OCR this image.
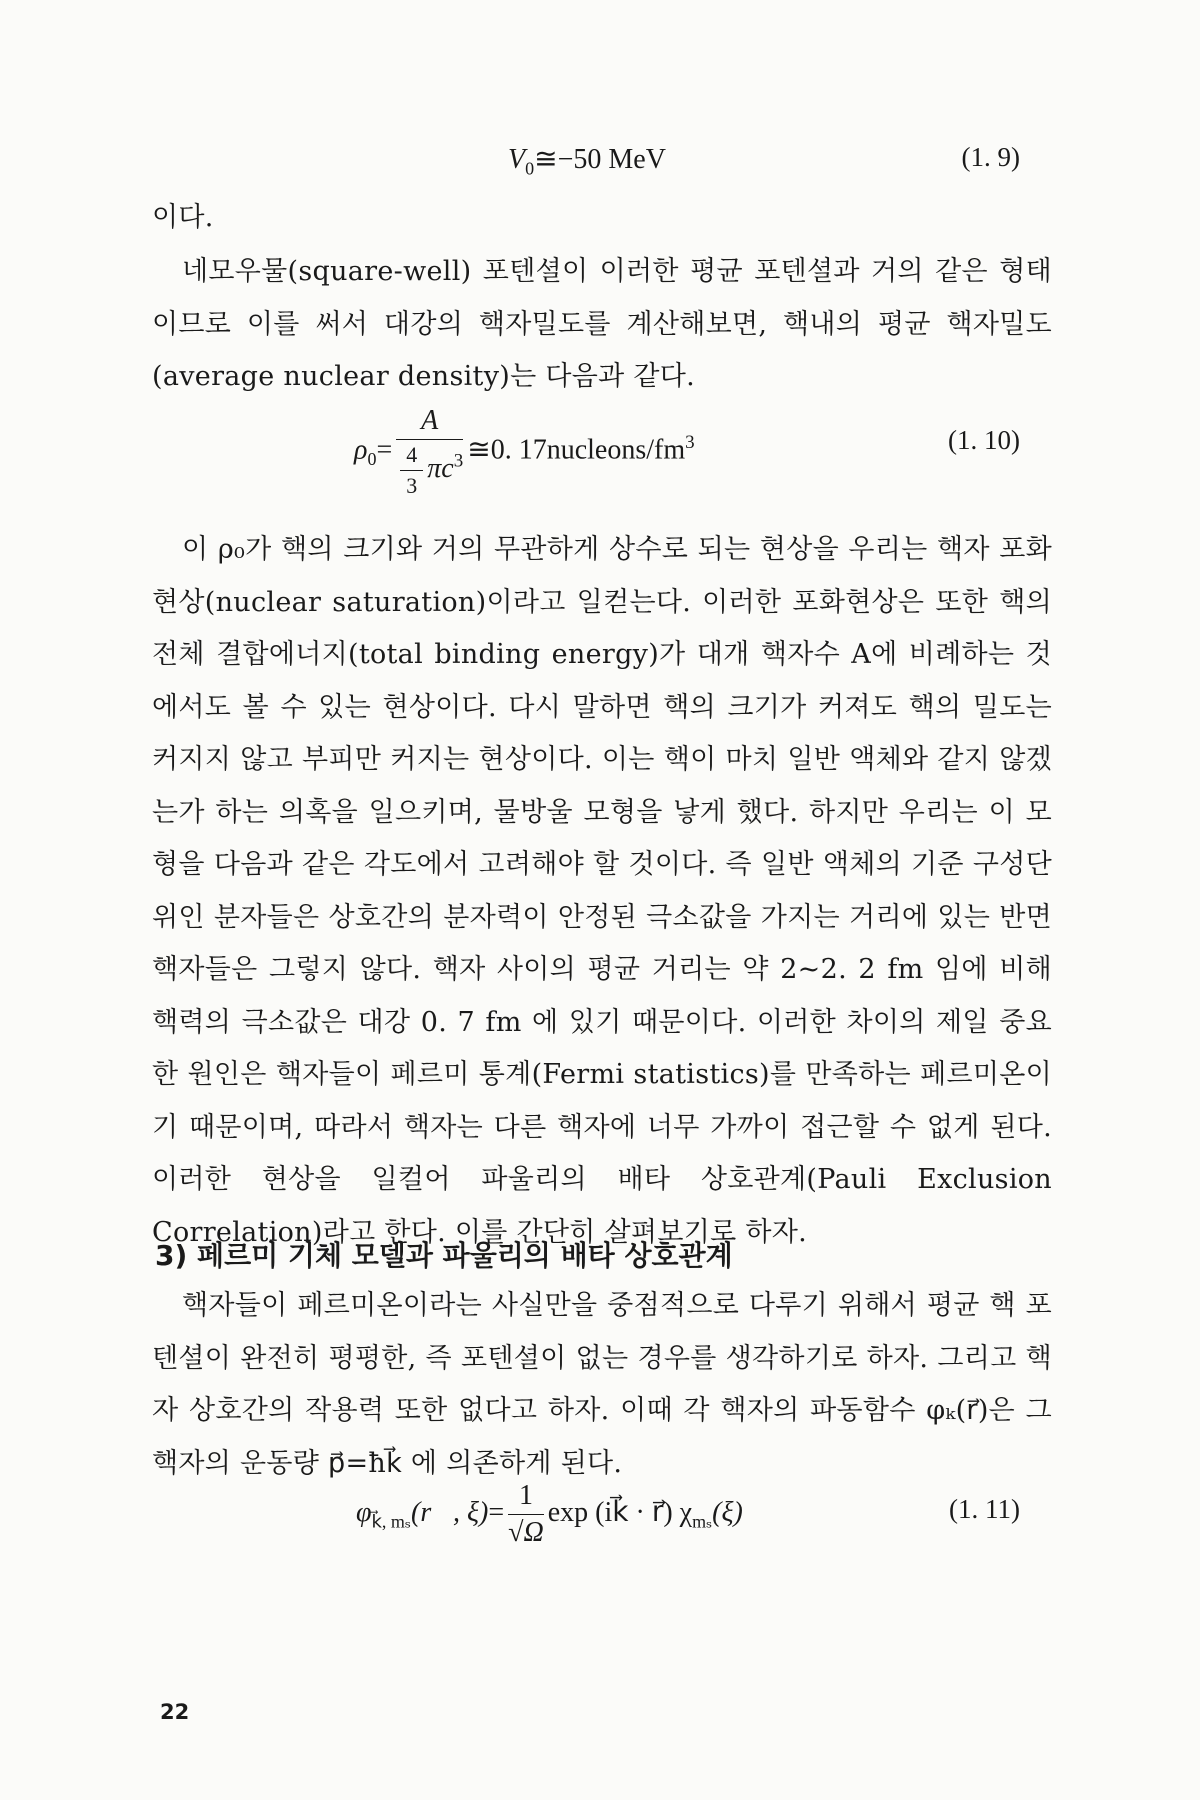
$V_0≅-50$ MeV	(1. 9)

이다.

네모우물(square-well) 포텐셜이 이러한 평균 포텐셜과 거의 같은 형태이므로 이를 써서 대강의 핵자밀도를 계산해보면, 핵내의 평균 핵자밀도(average nuclear density)는 다음과 같다.

$\rho_0= \frac{A}{\frac{4}{3} \pi c^3}$ ≅0. $17nucleons/fm^3$	(1. 10)

이 ρ₀가 핵의 크기와 거의 무관하게 상수로 되는 현상을 우리는 핵자 포화현상(nuclear saturation)이라고 일컫는다. 이러한 포화현상은 또한 핵의 전체 결합에너지(total binding energy)가 대개 핵자수 A에 비례하는 것에서도 볼 수 있는 현상이다. 다시 말하면 핵의 크기가 커져도 핵의 밀도는 커지지 않고 부피만 커지는 현상이다. 이는 핵이 마치 일반 액체와 같지 않겠는가 하는 의혹을 일으키며, 물방울 모형을 낳게 했다. 하지만 우리는 이 모형을 다음과 같은 각도에서 고려해야 할 것이다. 즉 일반 액체의 기준 구성단위인 분자들은 상호간의 분자력이 안정된 극소값을 가지는 거리에 있는 반면 핵자들은 그렇지 않다. 핵자 사이의 평균 거리는 약 2~2. 2 fm 임에 비해 핵력의 극소값은 대강 0. 7 fm 에 있기 때문이다. 이러한 차이의 제일 중요한 원인은 핵자들이 페르미 통계(Fermi statistics)를 만족하는 페르미온이기 때문이며, 따라서 핵자는 다른 핵자에 너무 가까이 접근할 수 없게 된다. 이러한 현상을 일컬어 파울리의 배타 상호관계(Pauli Exclusion Correlation)라고 한다. 이를 간단히 살펴보기로 하자.

3) 페르미 기체 모델과 파울리의 배타 상호관계

핵자들이 페르미온이라는 사실만을 중점적으로 다루기 위해서 평균 핵 포텐셜이 완전히 평평한, 즉 포텐셜이 없는 경우를 생각하기로 하자. 그리고 핵자 상호간의 작용력 또한 없다고 하자. 이때 각 핵자의 파동함수 φₖ(r⃗)은 그 핵자의 운동량 p⃗=ħk⃗ 에 의존하게 된다.

$\varphi_{k⃗, m_s}(r⃗$, $\xi)= \frac{1}{√\Omega}$ exp (ik⃗ · r⃗) $\chi_{m_s}(\xi)$	(1. 11)
22
